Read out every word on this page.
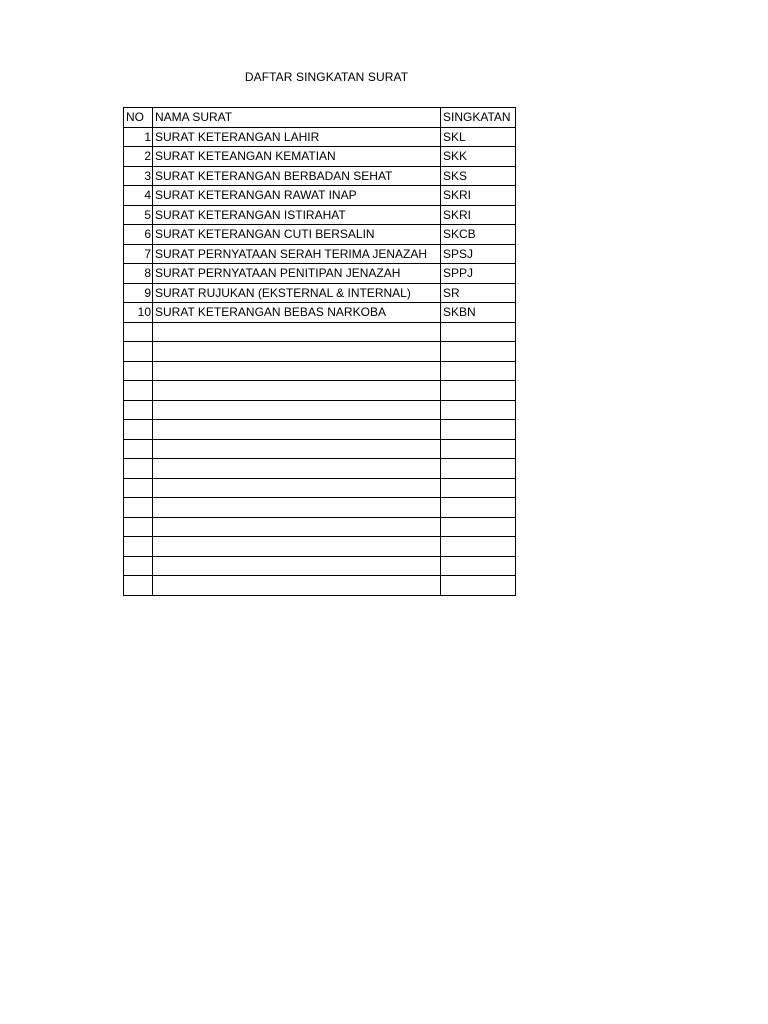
DAFTAR SINGKATAN SURAT
NO	NAMA SURAT	SINGKATAN
1	SURAT KETERANGAN LAHIR	SKL
2	SURAT KETEANGAN KEMATIAN	SKK
3	SURAT KETERANGAN BERBADAN SEHAT	SKS
4	SURAT KETERANGAN RAWAT INAP	SKRI
5	SURAT KETERANGAN ISTIRAHAT	SKRI
6	SURAT KETERANGAN CUTI BERSALIN	SKCB
7	SURAT PERNYATAAN SERAH TERIMA JENAZAH	SPSJ
8	SURAT PERNYATAAN PENITIPAN JENAZAH	SPPJ
9	SURAT RUJUKAN (EKSTERNAL & INTERNAL)	SR
10	SURAT KETERANGAN BEBAS NARKOBA	SKBN
